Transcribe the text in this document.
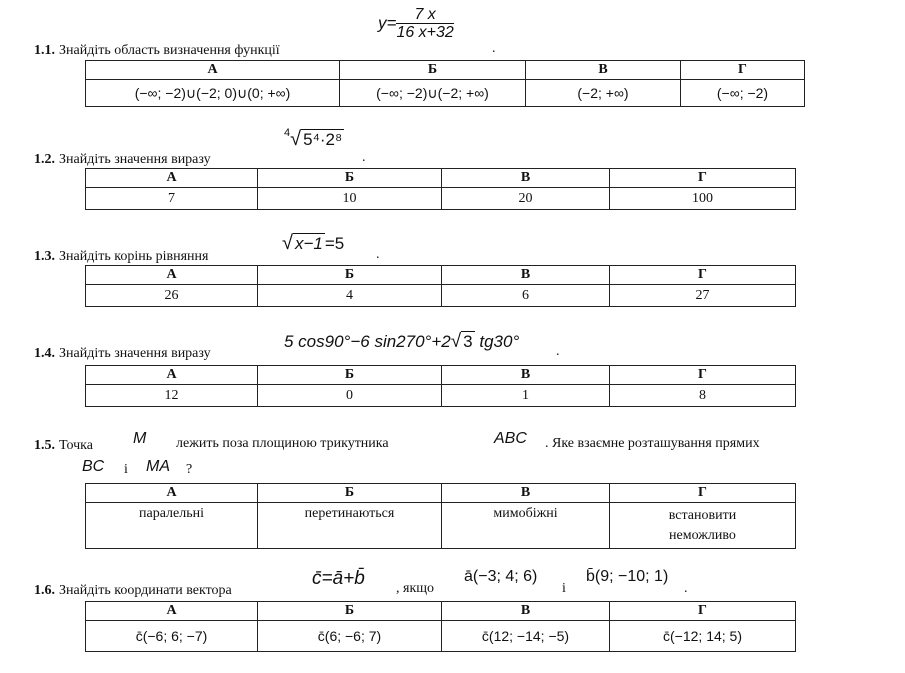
$y= \frac{7 x}{16 x+32}$
1.1. Знайдіть область визначення функції	.
А	Б	В	Г
(−∞; −2)∪(−2; 0)∪(0; +∞)	(−∞; −2)∪(−2; +∞)	(−2; +∞)	(−∞; −2)
1.2. Знайдіть значення виразу
$^4$√ 5⁴·2⁸
.
А	Б	В	Г
7	10	20	100
1.3. Знайдіть корінь рівняння
√ x−1 =5
.
А	Б	В	Г
26	4	6	27
1.4. Знайдіть значення виразу
5 cos90°−6 sin270°+2√ 3 tg30°
.
А	Б	В	Г
12	0	1	8
1.5. Точка	M лежить поза площиною трикутника	ABC . Яке взаємне розташування прямих
BC і MA ?
А	Б	В	Г
паралельні	перетинаються	мимобіжні	встановити неможливо
1.6. Знайдіть координати вектора
c̄=ā+b̄ , якщо
ā(−3; 4; 6)
і
b̄(9; −10; 1)
.
А	Б	В	Г
c̄(−6; 6; −7)	c̄(6; −6; 7)	c̄(12; −14; −5)	c̄(−12; 14; 5)
